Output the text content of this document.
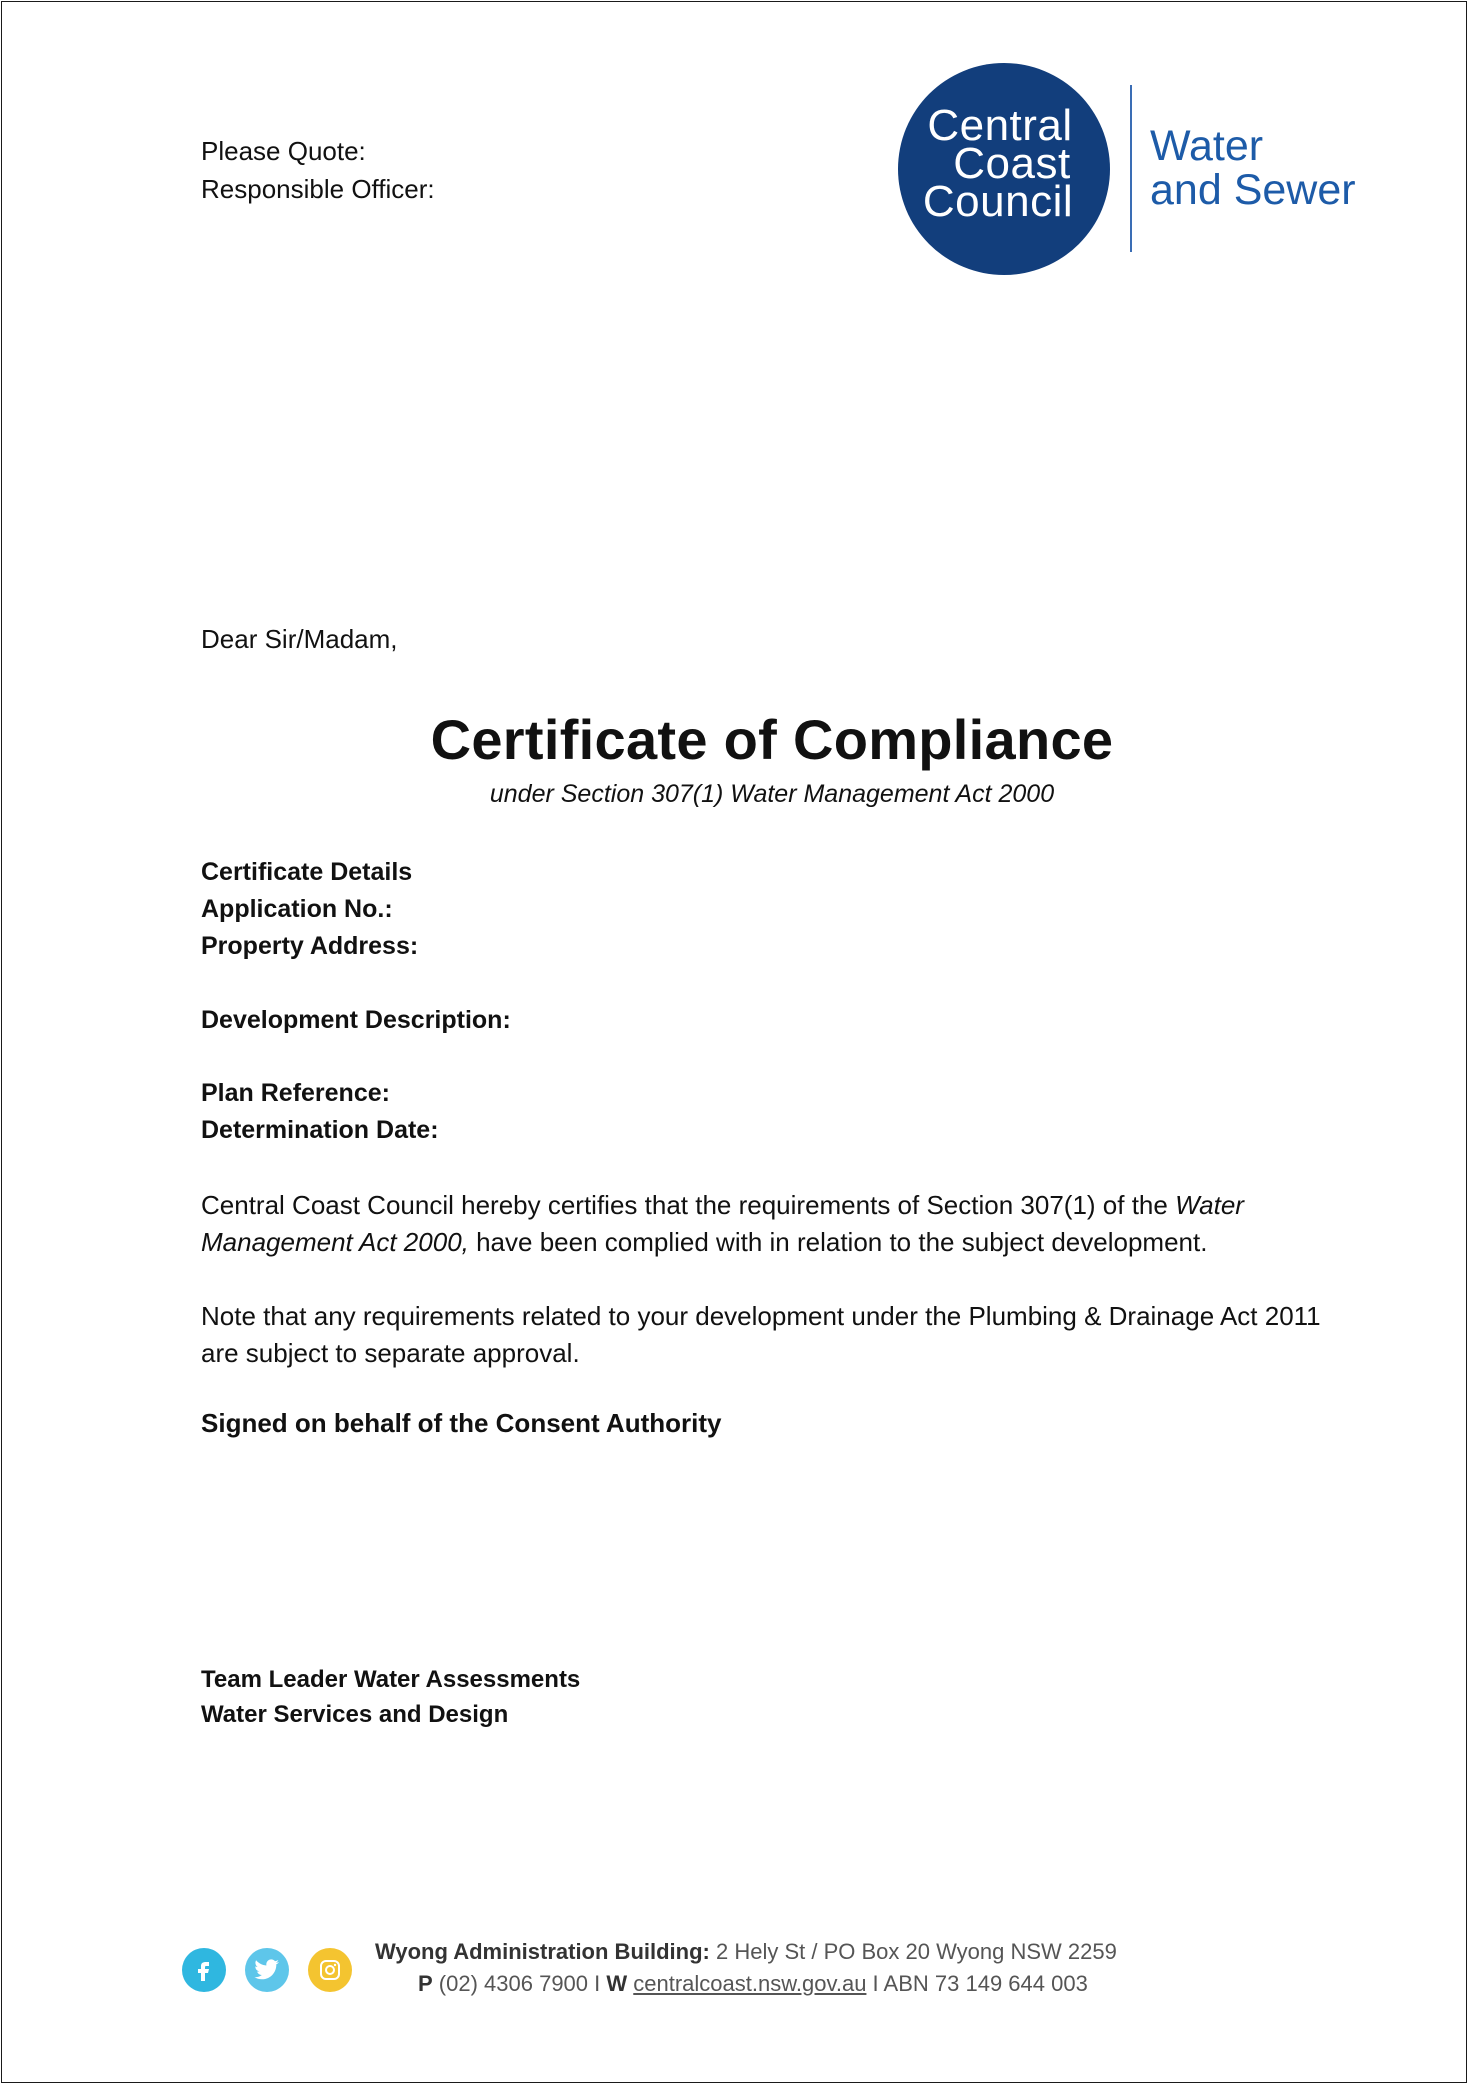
Please Quote:
Responsible Officer:
Central
Coast
Council
Water
and Sewer
Dear Sir/Madam,
Certificate of Compliance
under Section 307(1) Water Management Act 2000
Certificate Details
Application No.:
Property Address:
Development Description:
Plan Reference:
Determination Date:
Central Coast Council hereby certifies that the requirements of Section 307(1) of the Water Management Act 2000, have been complied with in relation to the subject development.
Note that any requirements related to your development under the Plumbing & Drainage Act 2011 are subject to separate approval.
Signed on behalf of the Consent Authority
Team Leader Water Assessments
Water Services and Design
Wyong Administration Building: 2 Hely St / PO Box 20 Wyong NSW 2259
P (02) 4306 7900 I W centralcoast.nsw.gov.au I ABN 73 149 644 003
